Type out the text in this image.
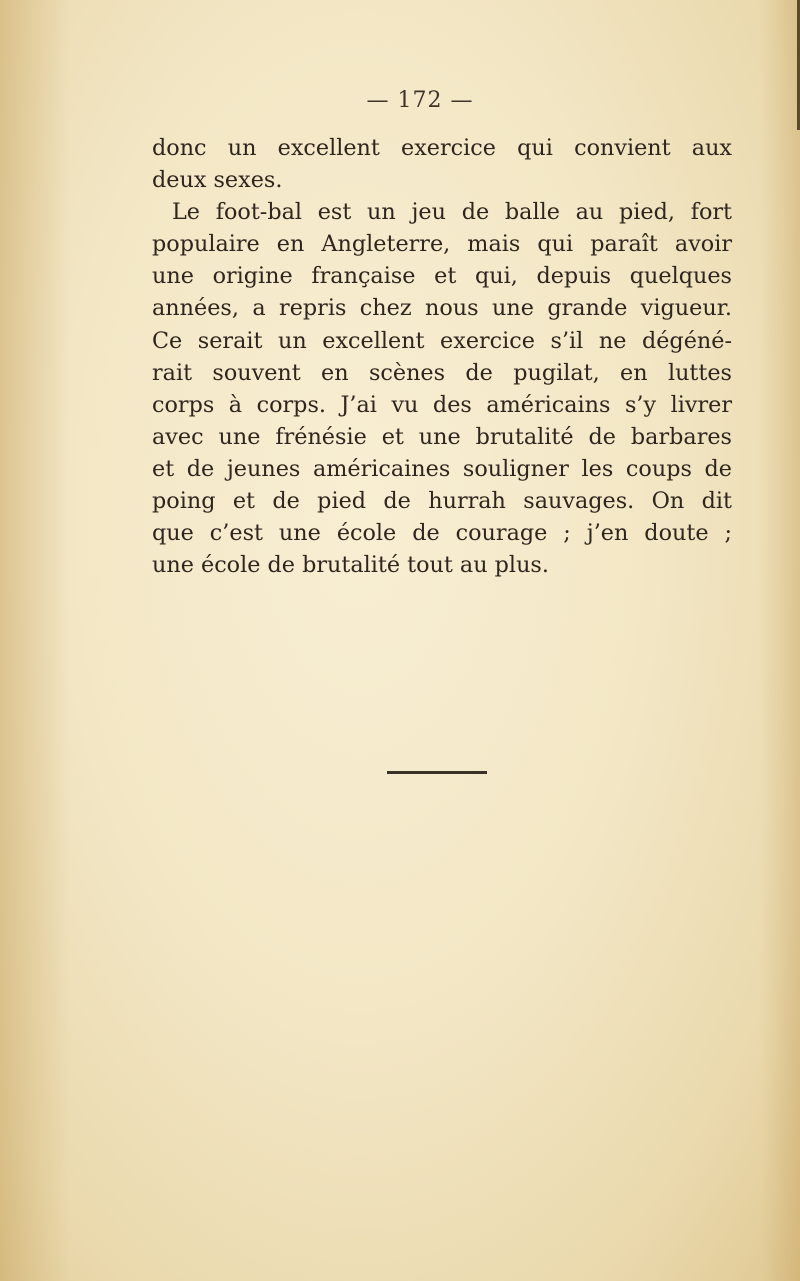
— 172 —
donc un excellent exercice qui convient aux
deux sexes.
Le foot-bal est un jeu de balle au pied, fort
populaire en Angleterre, mais qui paraît avoir
une origine française et qui, depuis quelques
années, a repris chez nous une grande vigueur.
Ce serait un excellent exercice s’il ne dégéné-
rait souvent en scènes de pugilat, en luttes
corps à corps. J’ai vu des américains s’y livrer
avec une frénésie et une brutalité de barbares
et de jeunes américaines souligner les coups de
poing et de pied de hurrah sauvages. On dit
que c’est une école de courage ; j’en doute ;
une école de brutalité tout au plus.
